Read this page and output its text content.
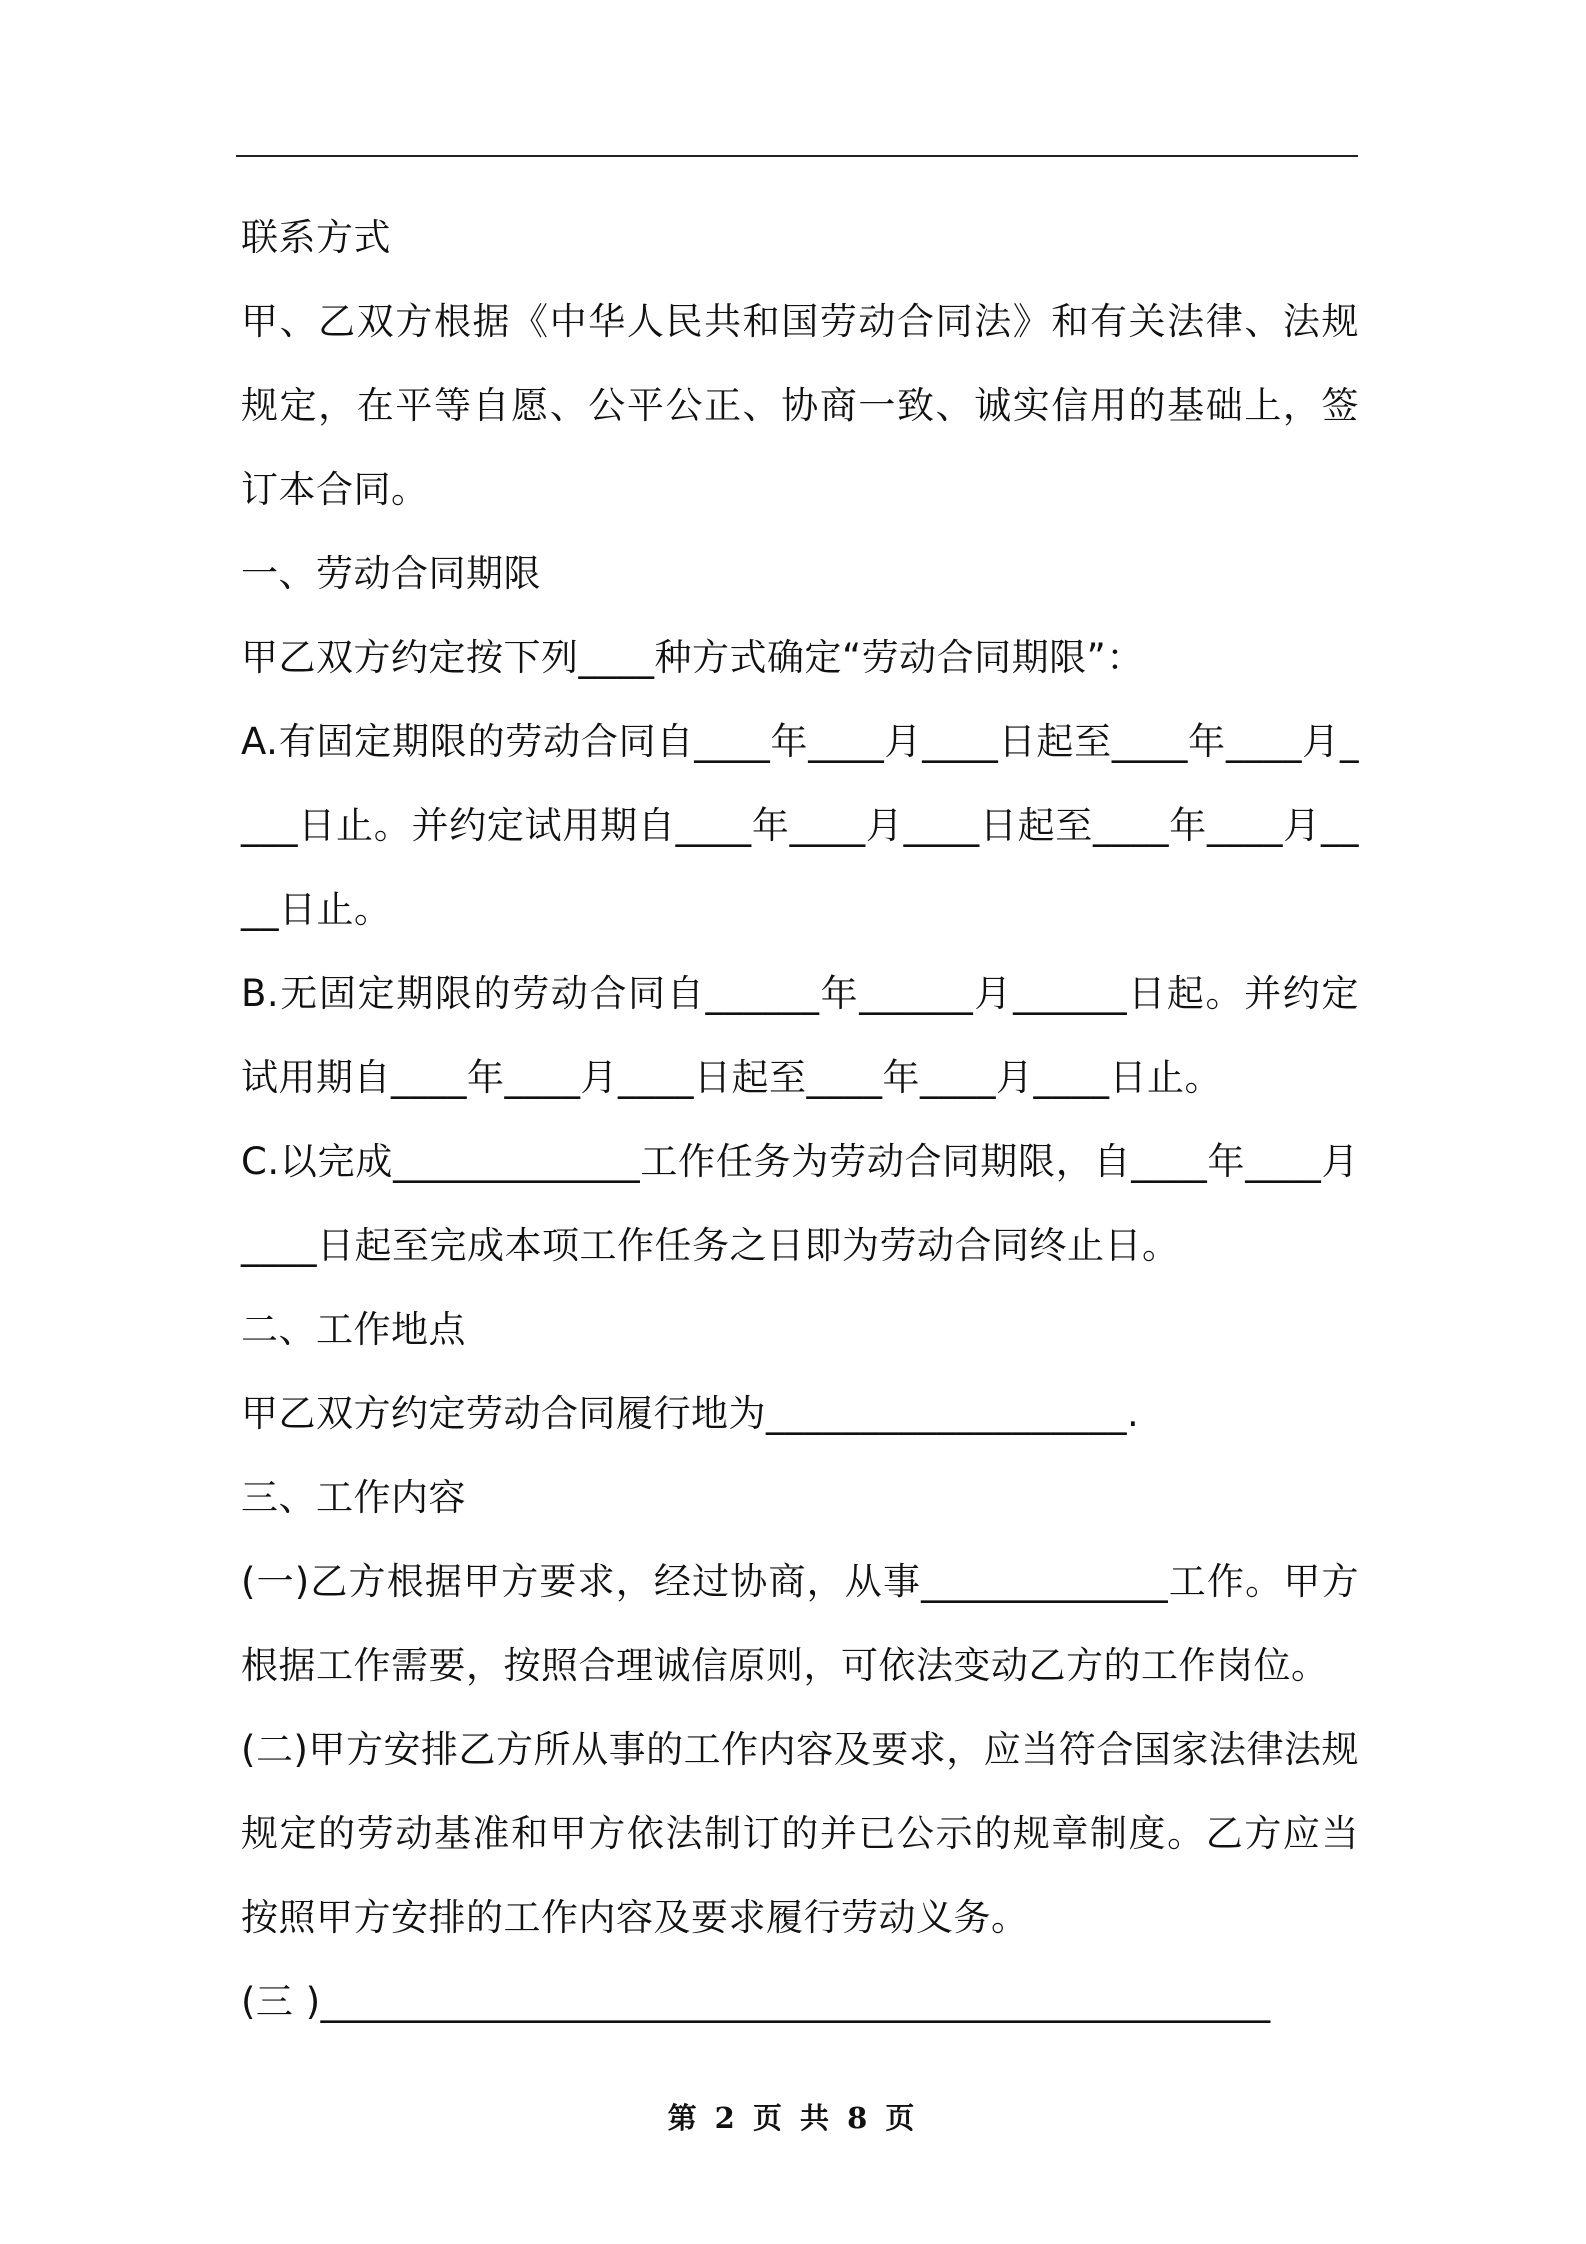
联系方式

甲、乙双方根据《中华人民共和国劳动合同法》和有关法律、法规规定，在平等自愿、公平公正、协商一致、诚实信用的基础上，签订本合同。

一、劳动合同期限

甲乙双方约定按下列____种方式确定“劳动合同期限”：

A.有固定期限的劳动合同自____年____月____日起至____年____月____日止。并约定试用期自____年____月____日起至____年____月____日止。

B.无固定期限的劳动合同自______年______月______日起。并约定试用期自____年____月____日起至____年____月____日止。

C.以完成_____________工作任务为劳动合同期限，自____年____月____日起至完成本项工作任务之日即为劳动合同终止日。

二、工作地点

甲乙双方约定劳动合同履行地为___________________.

三、工作内容

(一)乙方根据甲方要求，经过协商，从事_____________工作。甲方根据工作需要，按照合理诚信原则，可依法变动乙方的工作岗位。

(二)甲方安排乙方所从事的工作内容及要求，应当符合国家法律法规规定的劳动基准和甲方依法制订的并已公示的规章制度。乙方应当按照甲方安排的工作内容及要求履行劳动义务。

(三 )__________________________________________________

第 2 页 共 8 页
